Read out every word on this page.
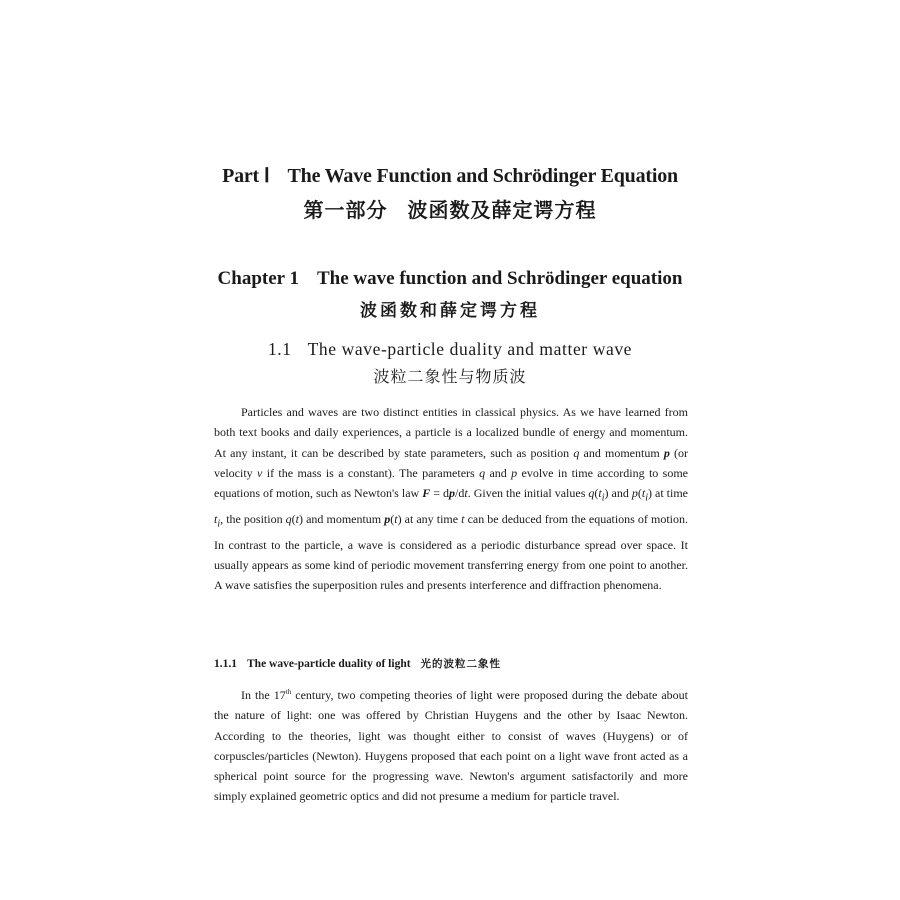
Part Ⅰ The Wave Function and Schrödinger Equation
第一部分 波函数及薛定谔方程
Chapter 1 The wave function and Schrödinger equation
波函数和薛定谔方程
1.1 The wave-particle duality and matter wave
波粒二象性与物质波

Particles and waves are two distinct entities in classical physics. As we have learned from both text books and daily experiences, a particle is a localized bundle of energy and momentum. At any instant, it can be described by state parameters, such as position q and momentum p (or velocity v if the mass is a constant). The parameters q and p evolve in time according to some equations of motion, such as Newton's law F = dp/dt. Given the initial values $q(t_i)$ and $p(t_i)$ at time $t_i$, the position q(t) and momentum p(t) at any time t can be deduced from the equations of motion. In contrast to the particle, a wave is considered as a periodic disturbance spread over space. It usually appears as some kind of periodic movement transferring energy from one point to another. A wave satisfies the superposition rules and presents interference and diffraction phenomena.

1.1.1 The wave-particle duality of light 光的波粒二象性

In the 17th century, two competing theories of light were proposed during the debate about the nature of light: one was offered by Christian Huygens and the other by Isaac Newton. According to the theories, light was thought either to consist of waves (Huygens) or of corpuscles/particles (Newton). Huygens proposed that each point on a light wave front acted as a spherical point source for the progressing wave. Newton's argument satisfactorily and more simply explained geometric optics and did not presume a medium for particle travel.
